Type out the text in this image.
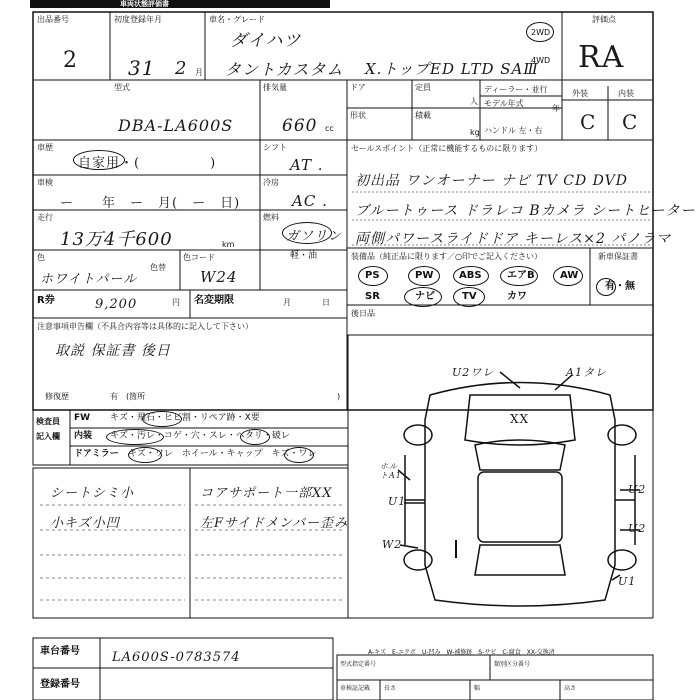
車両状態評価書
出品番号
2
初度登録年月
31 2 月
車名・グレード
ダイハツ
タントカスタム X.トップED LTD SAⅢ
2WD
4WD
評価点
RA
外装	内装
C C
型式
DBA-LA600S
排気量
660 cc
ドア	定員
人
ディーラー・並行
モデル年式
年
形状	積載
kg ハンドル 左・右
車歴
自家用・(　　　　　)
シフト
AT .
車検
ー　　年　ー　月(　ー　日)
冷房
AC .
走行
13万4千600	km
燃料
ガソリン
軽・油
色
ホワイトパール
色替
色コード
W24
R券	9,200	円 名変期限	月	日
注意事項申告欄（不具合内容等は具体的に記入して下さい）
取説 保証書 後日
修復歴	有　(箇所	)
セールスポイント（正常に機能するものに限ります）
初出品 ワンオーナー ナビ TV CD DVD
ブルートゥース ドラレコ Bカメラ シートヒーター
両側パワースライドドア キーレス×2 パノラマ
装備品（純正品に限ります／○印でご記入ください）	新車保証書
有・無
PS	PW	ABS	エアB	AW
SR	ナビ	TV	カワ
後日品
検査員
記入欄
FW キズ・飛石・ヒビ割・リペア跡・X要
内装 キズ・汚レ・コゲ・穴・スレ・ヘタリ・破レ
ドアミラー キズ・ワレ　ホイール・キャップ　キズ・ワレ
シートシミ小
小キズ小凹
コアサポート一部XX
左Fサイドメンバー歪み
U2ワレ	A1タレ
XX
U1
U2
U2
W2
U1
ホルトA1
A-キズ　E-エクボ　U-凹み　W-補修跡　S-サビ　C-腐食　XX-交換済
車台番号 LA600S-0783574
登録番号
型式指定番号	類別区分番号
車検証記載 長さ	幅	高さ
